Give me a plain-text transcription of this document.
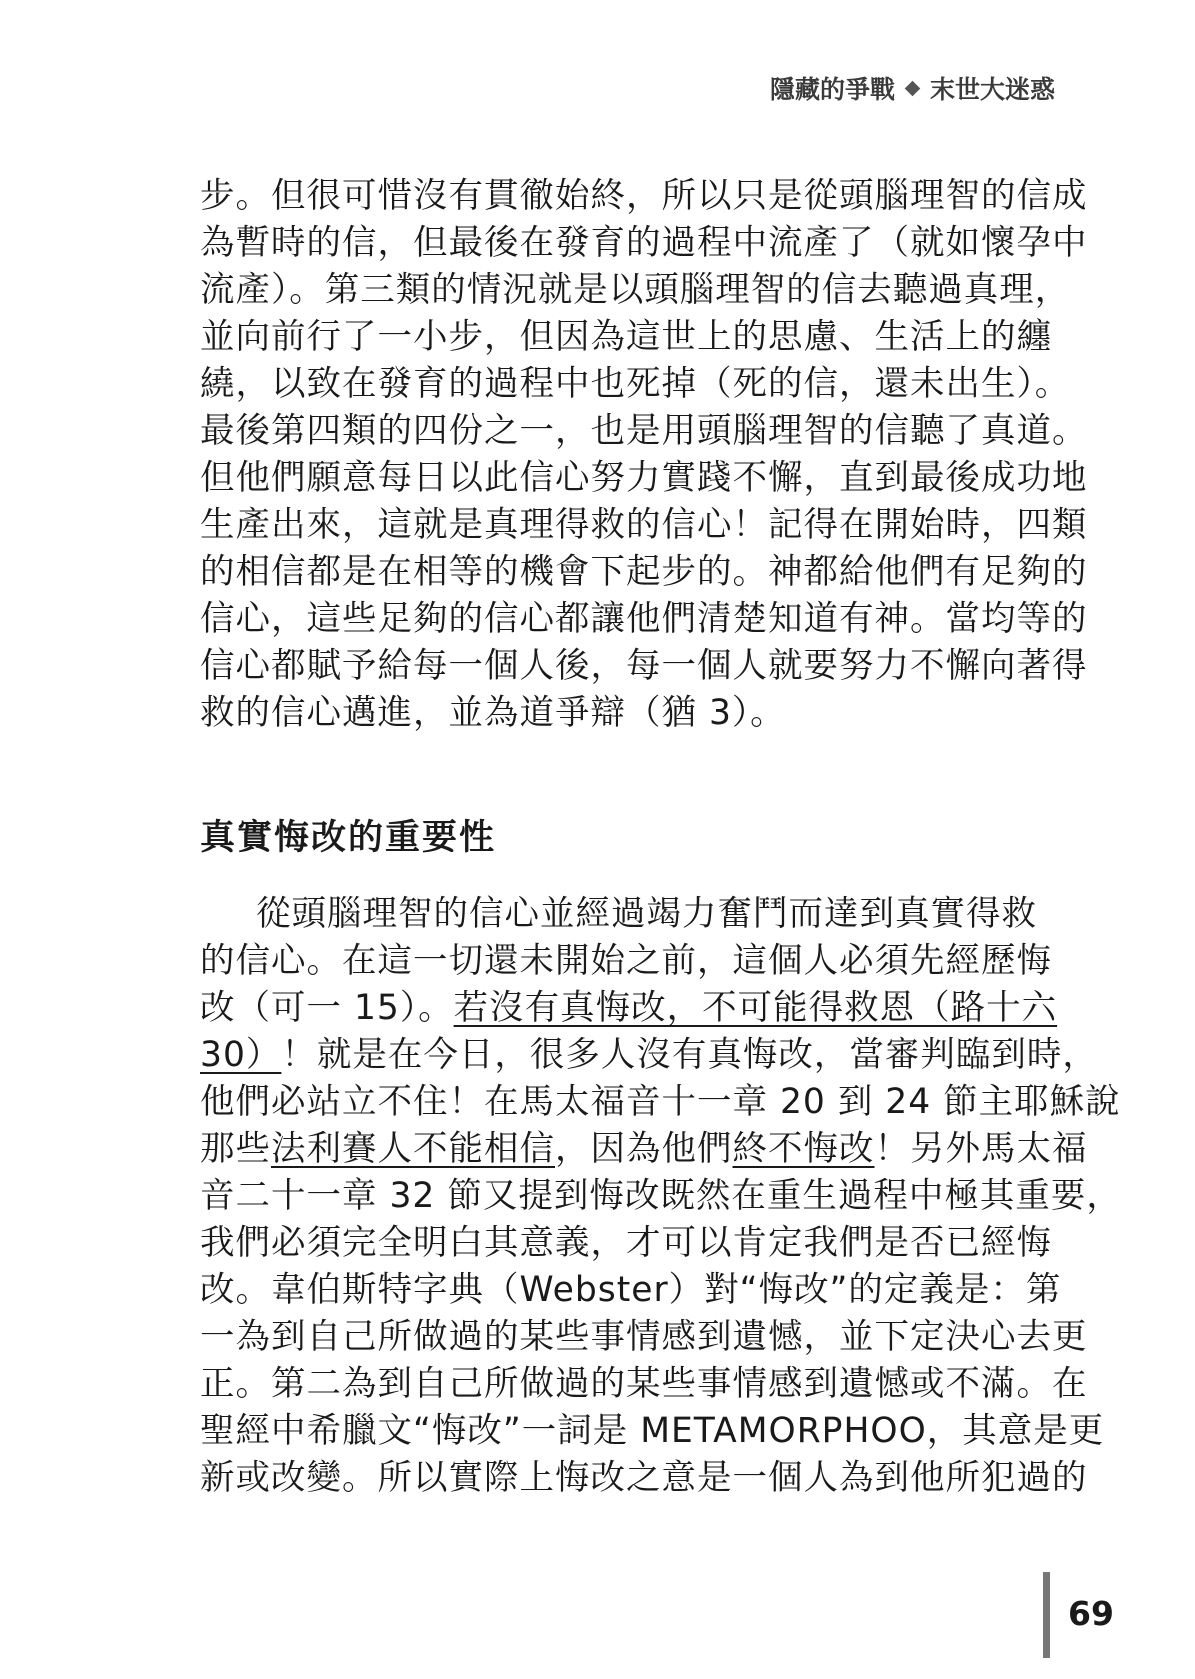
隱藏的爭戰 末世大迷惑
步。但很可惜沒有貫徹始終，所以只是從頭腦理智的信成
為暫時的信，但最後在發育的過程中流產了（就如懷孕中
流產）。第三類的情況就是以頭腦理智的信去聽過真理，
並向前行了一小步，但因為這世上的思慮、生活上的纏
繞，以致在發育的過程中也死掉（死的信，還未出生）。
最後第四類的四份之一，也是用頭腦理智的信聽了真道。
但他們願意每日以此信心努力實踐不懈，直到最後成功地
生產出來，這就是真理得救的信心！記得在開始時，四類
的相信都是在相等的機會下起步的。神都給他們有足夠的
信心，這些足夠的信心都讓他們清楚知道有神。當均等的
信心都賦予給每一個人後，每一個人就要努力不懈向著得
救的信心邁進，並為道爭辯（猶 3）。
真實悔改的重要性
從頭腦理智的信心並經過竭力奮鬥而達到真實得救
的信心。在這一切還未開始之前，這個人必須先經歷悔
改（可一 15）。若沒有真悔改，不可能得救恩（路十六
30）！就是在今日，很多人沒有真悔改，當審判臨到時，
他們必站立不住！在馬太福音十一章 20 到 24 節主耶穌說
那些法利賽人不能相信，因為他們終不悔改！另外馬太福
音二十一章 32 節又提到悔改既然在重生過程中極其重要，
我們必須完全明白其意義，才可以肯定我們是否已經悔
改。韋伯斯特字典（Webster）對“悔改”的定義是：第
一為到自己所做過的某些事情感到遺憾，並下定決心去更
正。第二為到自己所做過的某些事情感到遺憾或不滿。在
聖經中希臘文“悔改”一詞是 METAMORPHOO，其意是更
新或改變。所以實際上悔改之意是一個人為到他所犯過的
69
